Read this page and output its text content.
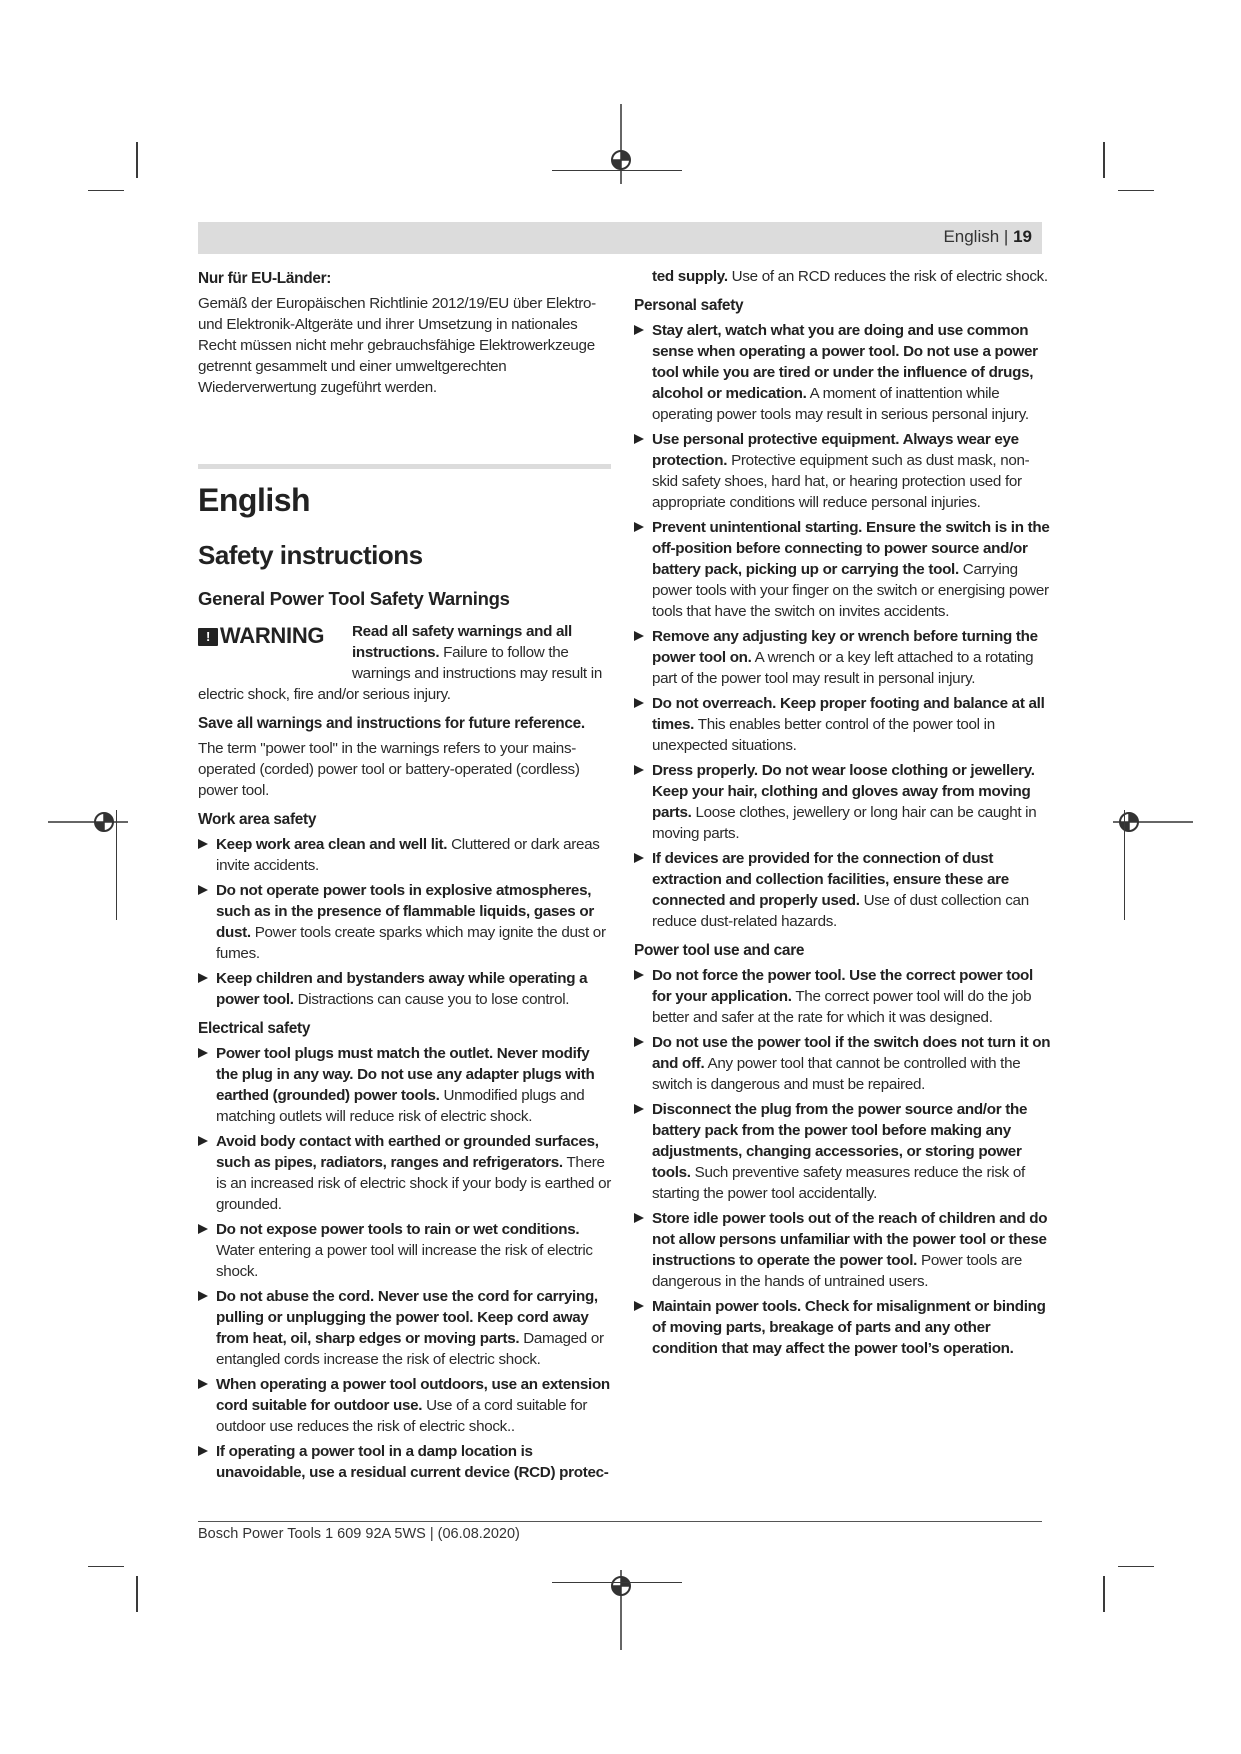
English | 19
Nur für EU-Länder:
Gemäß der Europäischen Richtlinie 2012/19/EU über Elektro- und Elektronik-Altgeräte und ihrer Umsetzung in nationales Recht müssen nicht mehr gebrauchsfähige Elektrowerkzeuge getrennt gesammelt und einer umweltgerechten Wiederverwertung zugeführt werden.
English
Safety instructions
General Power Tool Safety Warnings
! WARNING	Read all safety warnings and all instructions. Failure to follow the warnings and instructions may result in electric shock, fire and/or serious injury.
Save all warnings and instructions for future reference.
The term "power tool" in the warnings refers to your mains-operated (corded) power tool or battery-operated (cordless) power tool.
Work area safety
Keep work area clean and well lit. Cluttered or dark areas invite accidents.
Do not operate power tools in explosive atmospheres, such as in the presence of flammable liquids, gases or dust. Power tools create sparks which may ignite the dust or fumes.
Keep children and bystanders away while operating a power tool. Distractions can cause you to lose control.
Electrical safety
Power tool plugs must match the outlet. Never modify the plug in any way. Do not use any adapter plugs with earthed (grounded) power tools. Unmodified plugs and matching outlets will reduce risk of electric shock.
Avoid body contact with earthed or grounded surfaces, such as pipes, radiators, ranges and refrigerators. There is an increased risk of electric shock if your body is earthed or grounded.
Do not expose power tools to rain or wet conditions. Water entering a power tool will increase the risk of electric shock.
Do not abuse the cord. Never use the cord for carrying, pulling or unplugging the power tool. Keep cord away from heat, oil, sharp edges or moving parts. Damaged or entangled cords increase the risk of electric shock.
When operating a power tool outdoors, use an extension cord suitable for outdoor use. Use of a cord suitable for outdoor use reduces the risk of electric shock..
If operating a power tool in a damp location is unavoidable, use a residual current device (RCD) protec-
ted supply. Use of an RCD reduces the risk of electric shock.
Personal safety
Stay alert, watch what you are doing and use common sense when operating a power tool. Do not use a power tool while you are tired or under the influence of drugs, alcohol or medication. A moment of inattention while operating power tools may result in serious personal injury.
Use personal protective equipment. Always wear eye protection. Protective equipment such as dust mask, non-skid safety shoes, hard hat, or hearing protection used for appropriate conditions will reduce personal injuries.
Prevent unintentional starting. Ensure the switch is in the off-position before connecting to power source and/or battery pack, picking up or carrying the tool. Carrying power tools with your finger on the switch or energising power tools that have the switch on invites accidents.
Remove any adjusting key or wrench before turning the power tool on. A wrench or a key left attached to a rotating part of the power tool may result in personal injury.
Do not overreach. Keep proper footing and balance at all times. This enables better control of the power tool in unexpected situations.
Dress properly. Do not wear loose clothing or jewellery. Keep your hair, clothing and gloves away from moving parts. Loose clothes, jewellery or long hair can be caught in moving parts.
If devices are provided for the connection of dust extraction and collection facilities, ensure these are connected and properly used. Use of dust collection can reduce dust-related hazards.
Power tool use and care
Do not force the power tool. Use the correct power tool for your application. The correct power tool will do the job better and safer at the rate for which it was designed.
Do not use the power tool if the switch does not turn it on and off. Any power tool that cannot be controlled with the switch is dangerous and must be repaired.
Disconnect the plug from the power source and/or the battery pack from the power tool before making any adjustments, changing accessories, or storing power tools. Such preventive safety measures reduce the risk of starting the power tool accidentally.
Store idle power tools out of the reach of children and do not allow persons unfamiliar with the power tool or these instructions to operate the power tool. Power tools are dangerous in the hands of untrained users.
Maintain power tools. Check for misalignment or binding of moving parts, breakage of parts and any other condition that may affect the power tool’s operation.
Bosch Power Tools 1 609 92A 5WS | (06.08.2020)
